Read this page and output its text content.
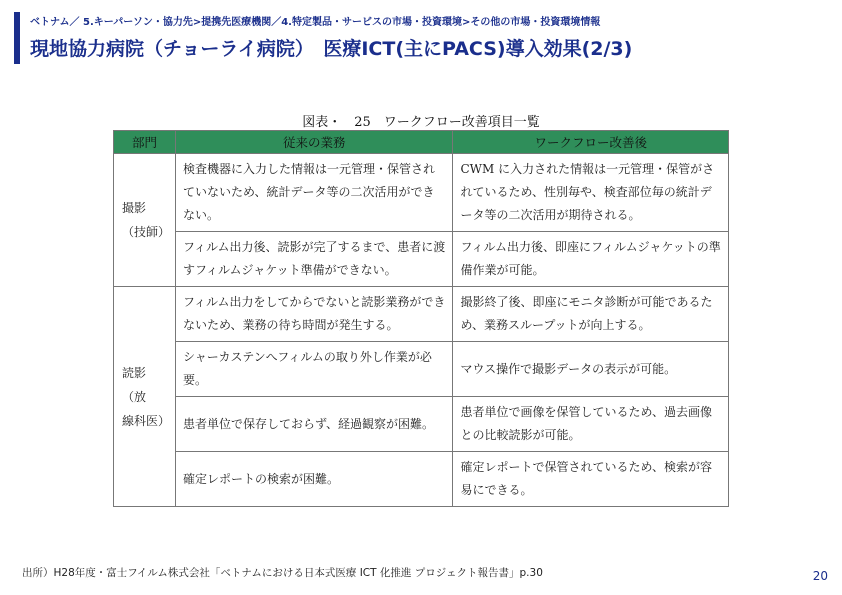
ベトナム／ 5.キーパーソン・協力先>提携先医療機関／4.特定製品・サービスの市場・投資環境>その他の市場・投資環境情報
現地協力病院（チョーライ病院）　医療ICT(主にPACS)導入効果(2/3)
図表・　25　ワークフロー改善項目一覧
部門	従来の業務	ワークフロー改善後
撮影
（技師）	検査機器に入力した情報は一元管理・保管されていないため、統計データ等の二次活用ができない。	CWM に入力された情報は一元管理・保管がされているため、性別毎や、検査部位毎の統計データ等の二次活用が期待される。
	フィルム出力後、読影が完了するまで、患者に渡すフィルムジャケット準備ができない。	フィルム出力後、即座にフィルムジャケットの準備作業が可能。
読影（放
線科医）	フィルム出力をしてからでないと読影業務ができないため、業務の待ち時間が発生する。	撮影終了後、即座にモニタ診断が可能であるため、業務スループットが向上する。
	シャーカステンへフィルムの取り外し作業が必要。	マウス操作で撮影データの表示が可能。
	患者単位で保存しておらず、経過観察が困難。	患者単位で画像を保管しているため、過去画像との比較読影が可能。
	確定レポートの検索が困難。	確定レポートで保管されているため、検索が容易にできる。
出所）H28年度・富士フイルム株式会社「ベトナムにおける日本式医療 ICT 化推進 プロジェクト報告書」p.30	20
